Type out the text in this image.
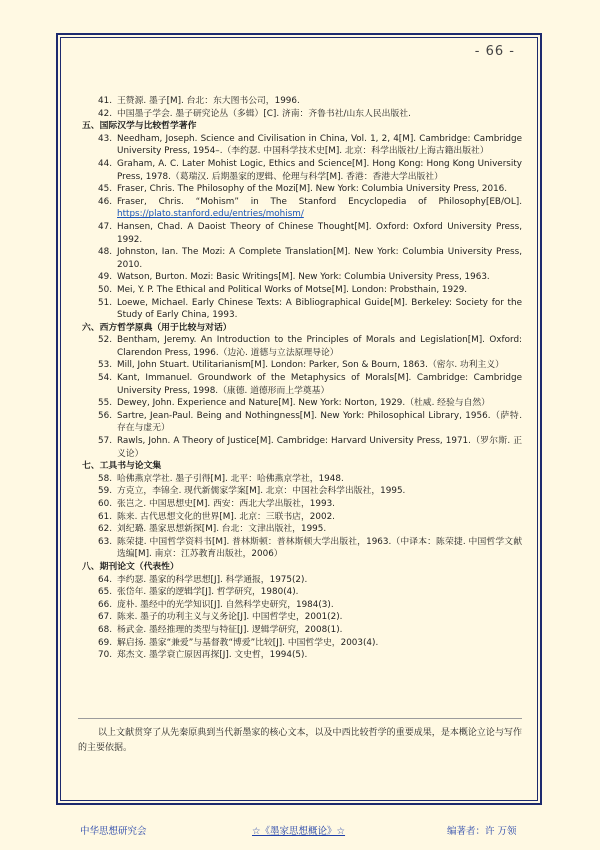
- 66 -
41. 王赞源. 墨子[M]. 台北：东大图书公司，1996.
42. 中国墨子学会. 墨子研究论丛（多辑）[C]. 济南：齐鲁书社/山东人民出版社.
五、国际汉学与比较哲学著作
43. Needham, Joseph. Science and Civilisation in China, Vol. 1, 2, 4[M]. Cambridge: Cambridge University Press, 1954–.（李约瑟. 中国科学技术史[M]. 北京：科学出版社/上海古籍出版社）
44. Graham, A. C. Later Mohist Logic, Ethics and Science[M]. Hong Kong: Hong Kong University Press, 1978.（葛瑞汉. 后期墨家的逻辑、伦理与科学[M]. 香港：香港大学出版社）
45. Fraser, Chris. The Philosophy of the Mozi[M]. New York: Columbia University Press, 2016.
46. Fraser, Chris. “Mohism” in The Stanford Encyclopedia of Philosophy[EB/OL]. https://plato.stanford.edu/entries/mohism/
47. Hansen, Chad. A Daoist Theory of Chinese Thought[M]. Oxford: Oxford University Press, 1992.
48. Johnston, Ian. The Mozi: A Complete Translation[M]. New York: Columbia University Press, 2010.
49. Watson, Burton. Mozi: Basic Writings[M]. New York: Columbia University Press, 1963.
50. Mei, Y. P. The Ethical and Political Works of Motse[M]. London: Probsthain, 1929.
51. Loewe, Michael. Early Chinese Texts: A Bibliographical Guide[M]. Berkeley: Society for the Study of Early China, 1993.
六、西方哲学原典（用于比较与对话）
52. Bentham, Jeremy. An Introduction to the Principles of Morals and Legislation[M]. Oxford: Clarendon Press, 1996.（边沁. 道德与立法原理导论）
53. Mill, John Stuart. Utilitarianism[M]. London: Parker, Son & Bourn, 1863.（密尔. 功利主义）
54. Kant, Immanuel. Groundwork of the Metaphysics of Morals[M]. Cambridge: Cambridge University Press, 1998.（康德. 道德形而上学奠基）
55. Dewey, John. Experience and Nature[M]. New York: Norton, 1929.（杜威. 经验与自然）
56. Sartre, Jean-Paul. Being and Nothingness[M]. New York: Philosophical Library, 1956.（萨特. 存在与虚无）
57. Rawls, John. A Theory of Justice[M]. Cambridge: Harvard University Press, 1971.（罗尔斯. 正义论）
七、工具书与论文集
58. 哈佛燕京学社. 墨子引得[M]. 北平：哈佛燕京学社，1948.
59. 方克立，李锦全. 现代新儒家学案[M]. 北京：中国社会科学出版社，1995.
60. 张岂之. 中国思想史[M]. 西安：西北大学出版社，1993.
61. 陈来. 古代思想文化的世界[M]. 北京：三联书店，2002.
62. 刘纪璐. 墨家思想新探[M]. 台北：文津出版社，1995.
63. 陈荣捷. 中国哲学资料书[M]. 普林斯顿：普林斯顿大学出版社，1963.（中译本：陈荣捷. 中国哲学文献选编[M]. 南京：江苏教育出版社，2006）
八、期刊论文（代表性）
64. 李约瑟. 墨家的科学思想[J]. 科学通报，1975(2).
65. 张岱年. 墨家的逻辑学[J]. 哲学研究，1980(4).
66. 庞朴. 墨经中的光学知识[J]. 自然科学史研究，1984(3).
67. 陈来. 墨子的功利主义与义务论[J]. 中国哲学史，2001(2).
68. 杨武金. 墨经推理的类型与特征[J]. 逻辑学研究，2008(1).
69. 解启扬. 墨家“兼爱”与基督教“博爱”比较[J]. 中国哲学史，2003(4).
70. 郑杰文. 墨学衰亡原因再探[J]. 文史哲，1994(5).
以上文献贯穿了从先秦原典到当代新墨家的核心文本，以及中西比较哲学的重要成果，是本概论立论与写作的主要依据。
中华思想研究会	☆《墨家思想概论》☆	编著者：许 万领
